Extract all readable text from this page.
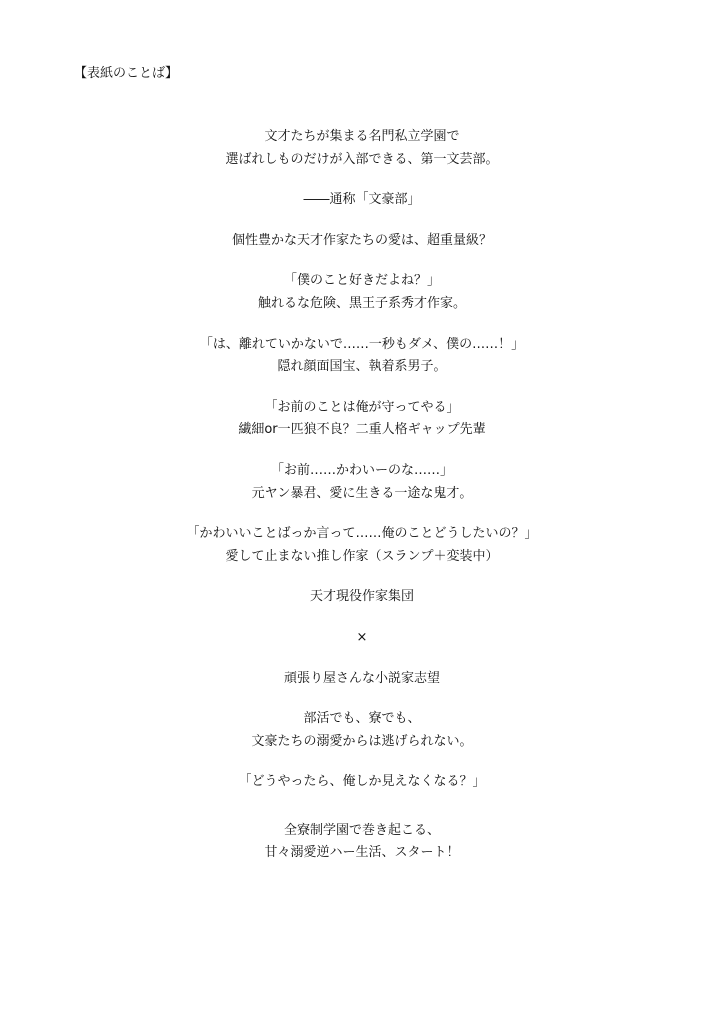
【表紙のことば】
文才たちが集まる名門私立学園で
選ばれしものだけが入部できる、第一文芸部。
――通称「文豪部」
個性豊かな天才作家たちの愛は、超重量級？
「僕のこと好きだよね？」
触れるな危険、黒王子系秀才作家。
「は、離れていかないで……一秒もダメ、僕の……！」
隠れ顔面国宝、執着系男子。
「お前のことは俺が守ってやる」
繊細or一匹狼不良？二重人格ギャップ先輩
「お前……かわいーのな……」
元ヤン暴君、愛に生きる一途な鬼才。
「かわいいことばっか言って……俺のことどうしたいの？」
愛して止まない推し作家（スランプ＋変装中）
天才現役作家集団
×
頑張り屋さんな小説家志望
部活でも、寮でも、
文豪たちの溺愛からは逃げられない。
「どうやったら、俺しか見えなくなる？」
全寮制学園で巻き起こる、
甘々溺愛逆ハー生活、スタート！
